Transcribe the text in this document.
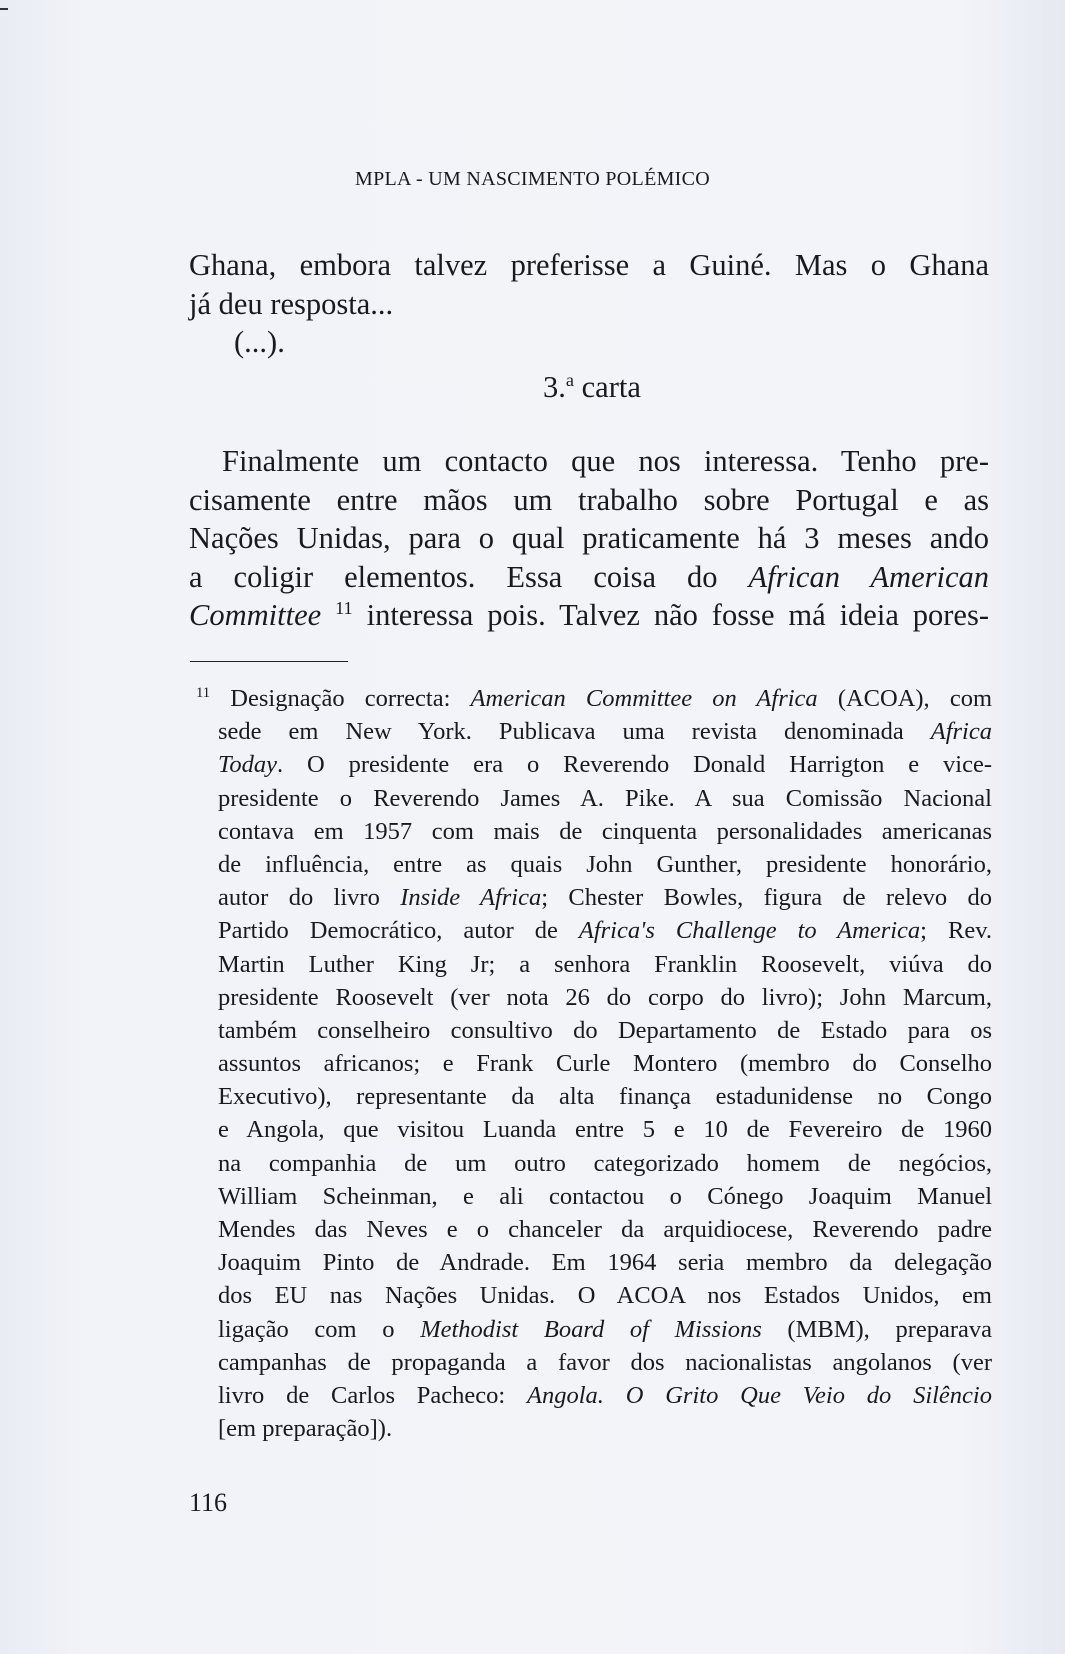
MPLA - UM NASCIMENTO POLÉMICO
Ghana, embora talvez preferisse a Guiné. Mas o Ghana
já deu resposta...
(...).
3.$^a$ carta
Finalmente um contacto que nos interessa. Tenho pre-
cisamente entre mãos um trabalho sobre Portugal e as
Nações Unidas, para o qual praticamente há 3 meses ando
a coligir elementos. Essa coisa do African American
Committee $^{11}$ interessa pois. Talvez não fosse má ideia pores-
$^{11}$ Designação correcta: American Committee on Africa (ACOA), com
sede em New York. Publicava uma revista denominada Africa
Today. O presidente era o Reverendo Donald Harrigton e vice-
presidente o Reverendo James A. Pike. A sua Comissão Nacional
contava em 1957 com mais de cinquenta personalidades americanas
de influência, entre as quais John Gunther, presidente honorário,
autor do livro Inside Africa; Chester Bowles, figura de relevo do
Partido Democrático, autor de Africa's Challenge to America; Rev.
Martin Luther King Jr; a senhora Franklin Roosevelt, viúva do
presidente Roosevelt (ver nota 26 do corpo do livro); John Marcum,
também conselheiro consultivo do Departamento de Estado para os
assuntos africanos; e Frank Curle Montero (membro do Conselho
Executivo), representante da alta finança estadunidense no Congo
e Angola, que visitou Luanda entre 5 e 10 de Fevereiro de 1960
na companhia de um outro categorizado homem de negócios,
William Scheinman, e ali contactou o Cónego Joaquim Manuel
Mendes das Neves e o chanceler da arquidiocese, Reverendo padre
Joaquim Pinto de Andrade. Em 1964 seria membro da delegação
dos EU nas Nações Unidas. O ACOA nos Estados Unidos, em
ligação com o Methodist Board of Missions (MBM), preparava
campanhas de propaganda a favor dos nacionalistas angolanos (ver
livro de Carlos Pacheco: Angola. O Grito Que Veio do Silêncio
[em preparação]).
116
